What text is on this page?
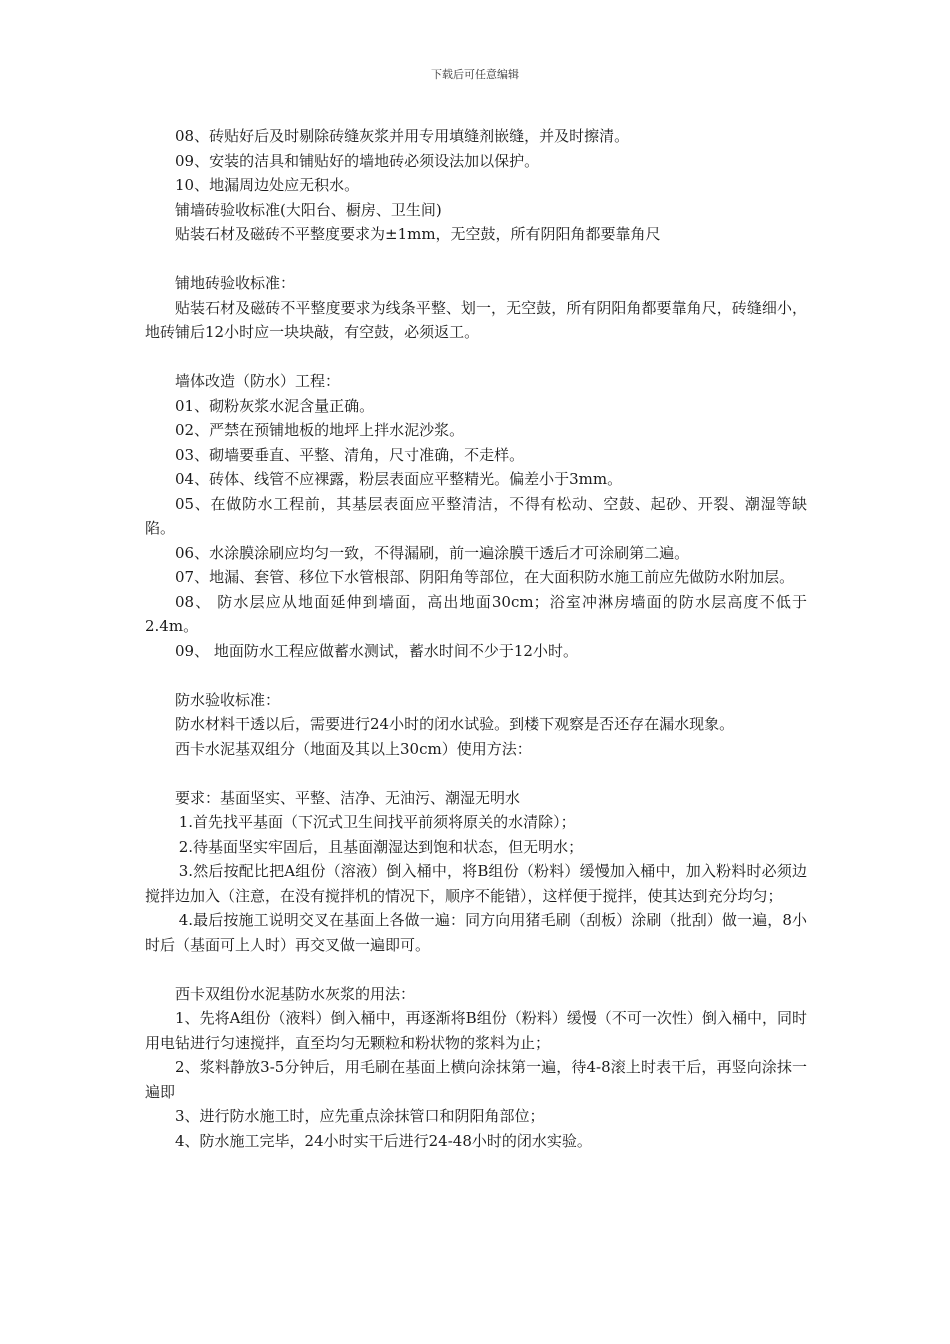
下载后可任意编辑

08、砖贴好后及时剔除砖缝灰浆并用专用填缝剂嵌缝，并及时擦清。

09、安装的洁具和铺贴好的墙地砖必须设法加以保护。

10、地漏周边处应无积水。

铺墙砖验收标准(大阳台、橱房、卫生间)

贴装石材及磁砖不平整度要求为±1mm，无空鼓，所有阴阳角都要靠角尺

铺地砖验收标准：

贴装石材及磁砖不平整度要求为线条平整、划一，无空鼓，所有阴阳角都要靠角尺，砖缝细小，地砖铺后12小时应一块块敲，有空鼓，必须返工。

墙体改造（防水）工程：

01、砌粉灰浆水泥含量正确。

02、严禁在预铺地板的地坪上拌水泥沙浆。

03、砌墙要垂直、平整、清角，尺寸准确，不走样。

04、砖体、线管不应裸露，粉层表面应平整精光。偏差小于3mm。

05、在做防水工程前，其基层表面应平整清洁，不得有松动、空鼓、起砂、开裂、潮湿等缺陷。

06、水涂膜涂刷应均匀一致，不得漏刷，前一遍涂膜干透后才可涂刷第二遍。

07、地漏、套管、移位下水管根部、阴阳角等部位，在大面积防水施工前应先做防水附加层。

08、 防水层应从地面延伸到墙面，高出地面30cm；浴室冲淋房墙面的防水层高度不低于2.4m。

09、 地面防水工程应做蓄水测试，蓄水时间不少于12小时。

防水验收标准：

防水材料干透以后，需要进行24小时的闭水试验。到楼下观察是否还存在漏水现象。

西卡水泥基双组分（地面及其以上30cm）使用方法：

要求：基面坚实、平整、洁净、无油污、潮湿无明水

1.首先找平基面（下沉式卫生间找平前须将原关的水清除）；

2.待基面坚实牢固后，且基面潮湿达到饱和状态，但无明水；

3.然后按配比把A组份（溶液）倒入桶中，将B组份（粉料）缓慢加入桶中，加入粉料时必须边搅拌边加入（注意，在没有搅拌机的情况下，顺序不能错），这样便于搅拌，使其达到充分均匀；

4.最后按施工说明交叉在基面上各做一遍：同方向用猪毛刷（刮板）涂刷（批刮）做一遍，8小时后（基面可上人时）再交叉做一遍即可。

西卡双组份水泥基防水灰浆的用法：

1、先将A组份（液料）倒入桶中，再逐渐将B组份（粉料）缓慢（不可一次性）倒入桶中，同时用电钻进行匀速搅拌，直至均匀无颗粒和粉状物的浆料为止；

2、浆料静放3-5分钟后，用毛刷在基面上横向涂抹第一遍，待4-8滚上时表干后，再竖向涂抹一遍即

3、进行防水施工时，应先重点涂抹管口和阴阳角部位；

4、防水施工完毕，24小时实干后进行24-48小时的闭水实验。
